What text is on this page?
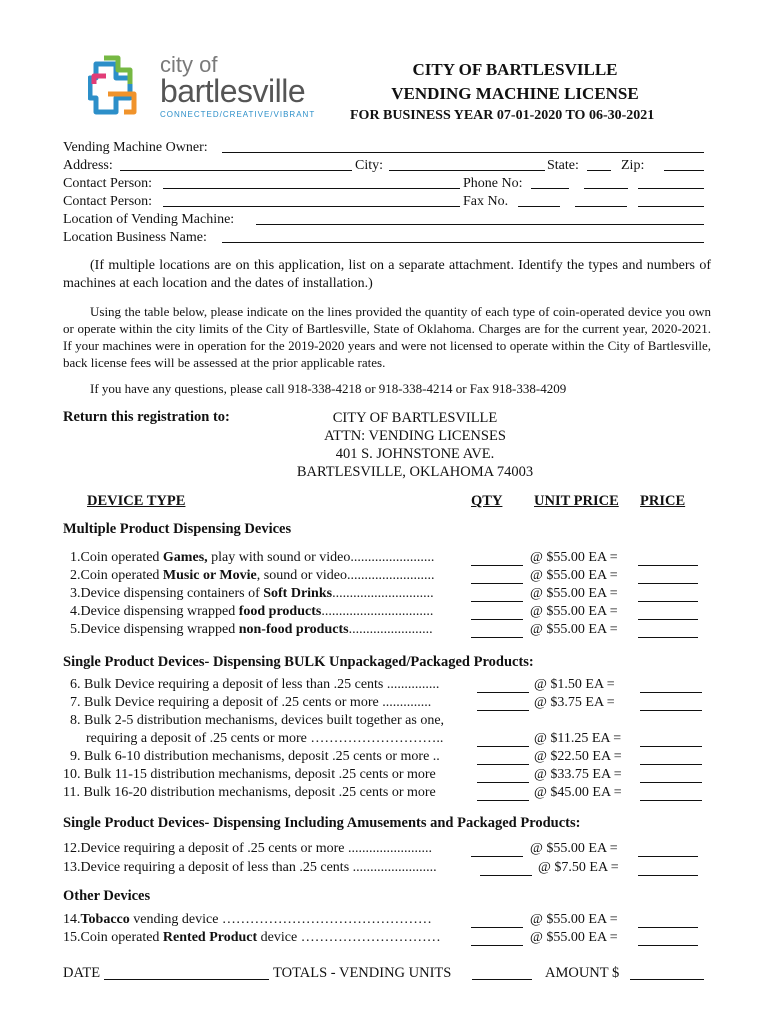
city of
bartlesville
CONNECTED/CREATIVE/VIBRANT
CITY OF BARTLESVILLE
VENDING MACHINE LICENSE
FOR BUSINESS YEAR 07-01-2020 TO 06-30-2021
Vending Machine Owner:
Address:	City:	State:	Zip:
Contact Person:	Phone No:
Contact Person:	Fax No.
Location of Vending Machine:
Location Business Name:
(If multiple locations are on this application, list on a separate attachment. Identify the types and numbers of machines at each location and the dates of installation.)
Using the table below, please indicate on the lines provided the quantity of each type of coin-operated device you own or operate within the city limits of the City of Bartlesville, State of Oklahoma. Charges are for the current year, 2020-2021. If your machines were in operation for the 2019-2020 years and were not licensed to operate within the City of Bartlesville, back license fees will be assessed at the prior applicable rates.
If you have any questions, please call 918-338-4218 or 918-338-4214 or Fax 918-338-4209
Return this registration to:	CITY OF BARTLESVILLE
ATTN: VENDING LICENSES
401 S. JOHNSTONE AVE.
BARTLESVILLE, OKLAHOMA 74003
DEVICE TYPE	QTY UNIT PRICE PRICE
Multiple Product Dispensing Devices
1.Coin operated Games, play with sound or video........................	@ $55.00 EA =
2.Coin operated Music or Movie, sound or video.........................	@ $55.00 EA =
3.Device dispensing containers of Soft Drinks.............................	@ $55.00 EA =
4.Device dispensing wrapped food products................................	@ $55.00 EA =
5.Device dispensing wrapped non-food products........................	@ $55.00 EA =
Single Product Devices- Dispensing BULK Unpackaged/Packaged Products:
6. Bulk Device requiring a deposit of less than .25 cents ...............	@ $1.50 EA =
7. Bulk Device requiring a deposit of .25 cents or more ..............	@ $3.75 EA =
8. Bulk 2-5 distribution mechanisms, devices built together as one,
requiring a deposit of .25 cents or more ………………………..	@ $11.25 EA =
9. Bulk 6-10 distribution mechanisms, deposit .25 cents or more ..	@ $22.50 EA =
10. Bulk 11-15 distribution mechanisms, deposit .25 cents or more	@ $33.75 EA =
11. Bulk 16-20 distribution mechanisms, deposit .25 cents or more	@ $45.00 EA =
Single Product Devices- Dispensing Including Amusements and Packaged Products:
12.Device requiring a deposit of .25 cents or more ........................	@ $55.00 EA =
13.Device requiring a deposit of less than .25 cents ........................	@ $7.50 EA =
Other Devices
14.Tobacco vending device ………………………………………	@ $55.00 EA =
15.Coin operated Rented Product device …………………………	@ $55.00 EA =
DATE	TOTALS - VENDING UNITS	AMOUNT $
